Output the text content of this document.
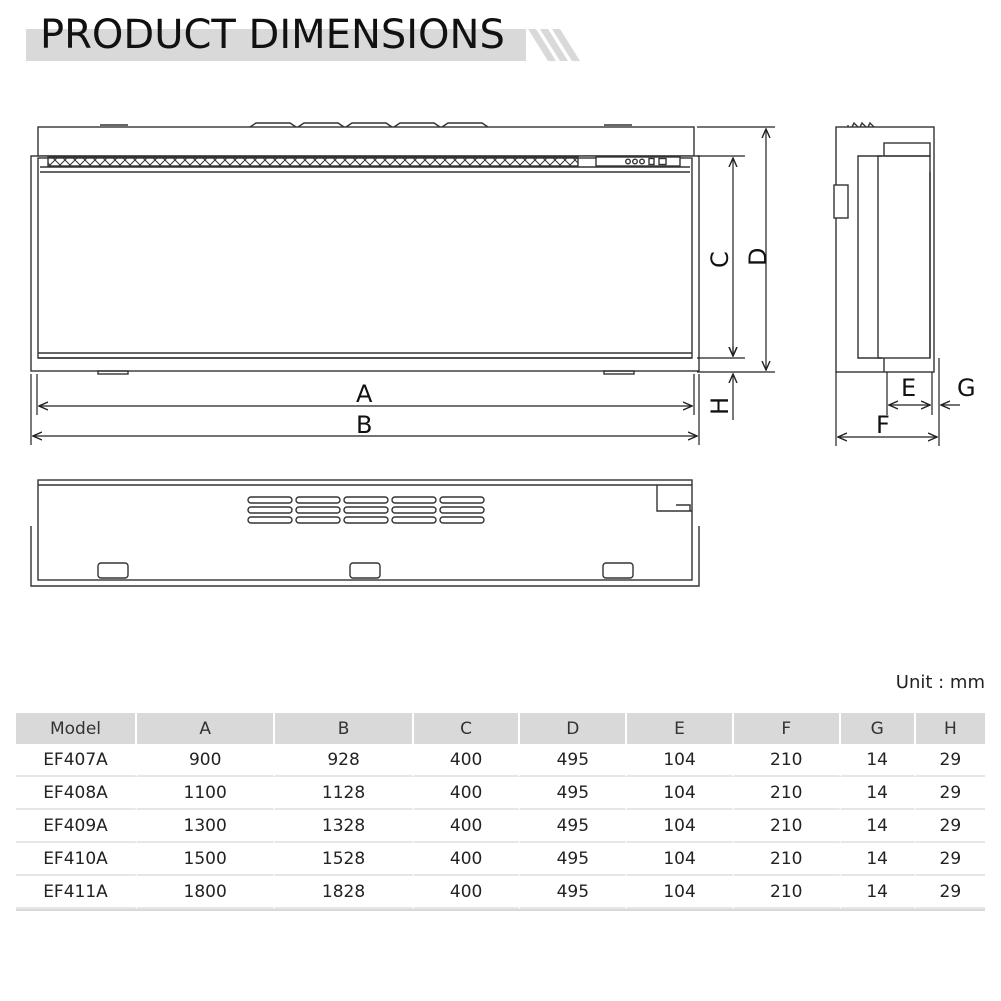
PRODUCT DIMENSIONS
A
B
C D
H
E
F
G
Unit : mm
Model	A	B	C	D	E	F	G	H
EF407A	900	928	400	495	104	210	14	29
EF408A	1100	1128	400	495	104	210	14	29
EF409A	1300	1328	400	495	104	210	14	29
EF410A	1500	1528	400	495	104	210	14	29
EF411A	1800	1828	400	495	104	210	14	29
